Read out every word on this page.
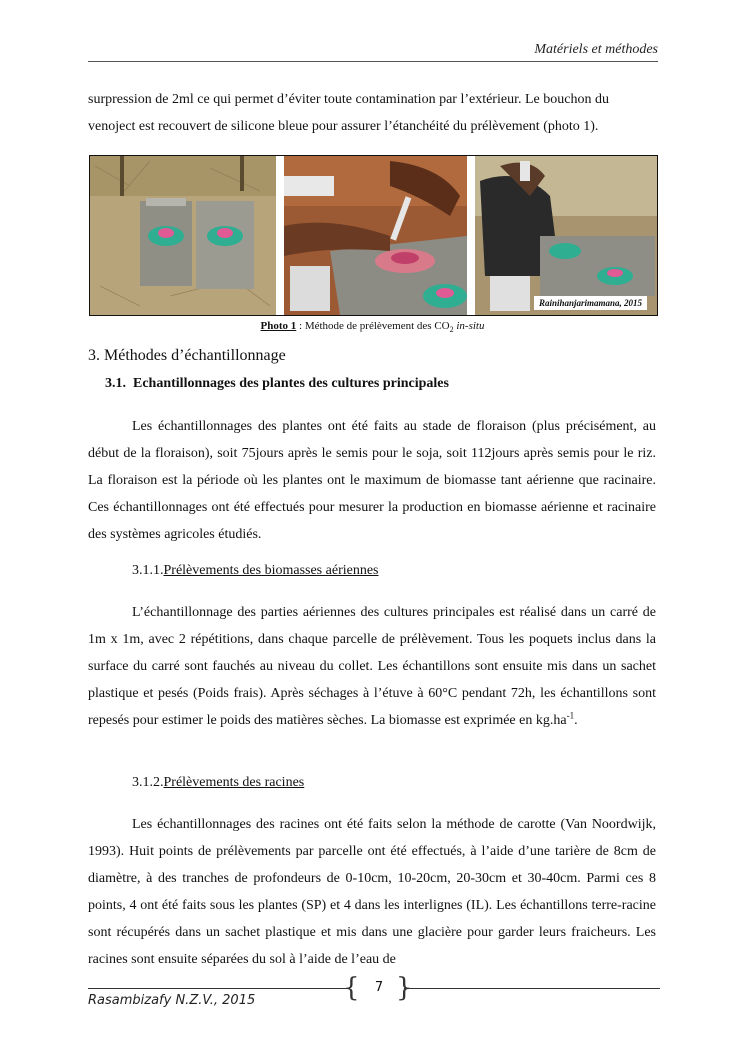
Matériels et méthodes
surpression de 2ml ce qui permet d’éviter toute contamination par l’extérieur. Le bouchon du
venoject est recouvert de silicone bleue pour assurer l’étanchéité du prélèvement (photo 1).
Rainihanjarimamana, 2015
Photo 1 : Méthode de prélèvement des $CO_2$ in-situ
3. Méthodes d’échantillonnage
3.1. Echantillonnages des plantes des cultures principales
Les échantillonnages des plantes ont été faits au stade de floraison (plus précisément, au début de la floraison), soit 75jours après le semis pour le soja, soit 112jours après semis pour le riz. La floraison est la période où les plantes ont le maximum de biomasse tant aérienne que racinaire. Ces échantillonnages ont été effectués pour mesurer la production en biomasse aérienne et racinaire des systèmes agricoles étudiés.
3.1.1.Prélèvements des biomasses aériennes
L’échantillonnage des parties aériennes des cultures principales est réalisé dans un carré de 1m x 1m, avec 2 répétitions, dans chaque parcelle de prélèvement. Tous les poquets inclus dans la surface du carré sont fauchés au niveau du collet. Les échantillons sont ensuite mis dans un sachet plastique et pesés (Poids frais). Après séchages à l’étuve à 60°C pendant 72h, les échantillons sont repesés pour estimer le poids des matières sèches. La biomasse est exprimée en $kg.ha^{-1}$.
3.1.2.Prélèvements des racines
Les échantillonnages des racines ont été faits selon la méthode de carotte (Van Noordwijk, 1993). Huit points de prélèvements par parcelle ont été effectués, à l’aide d’une tarière de 8cm de diamètre, à des tranches de profondeurs de 0-10cm, 10-20cm, 20-30cm et 30-40cm. Parmi ces 8 points, 4 ont été faits sous les plantes (SP) et 4 dans les interlignes (IL). Les échantillons terre-racine sont récupérés dans un sachet plastique et mis dans une glacière pour garder leurs fraicheurs. Les racines sont ensuite séparées du sol à l’aide de l’eau de
{ }
7
Rasambizafy N.Z.V., 2015
